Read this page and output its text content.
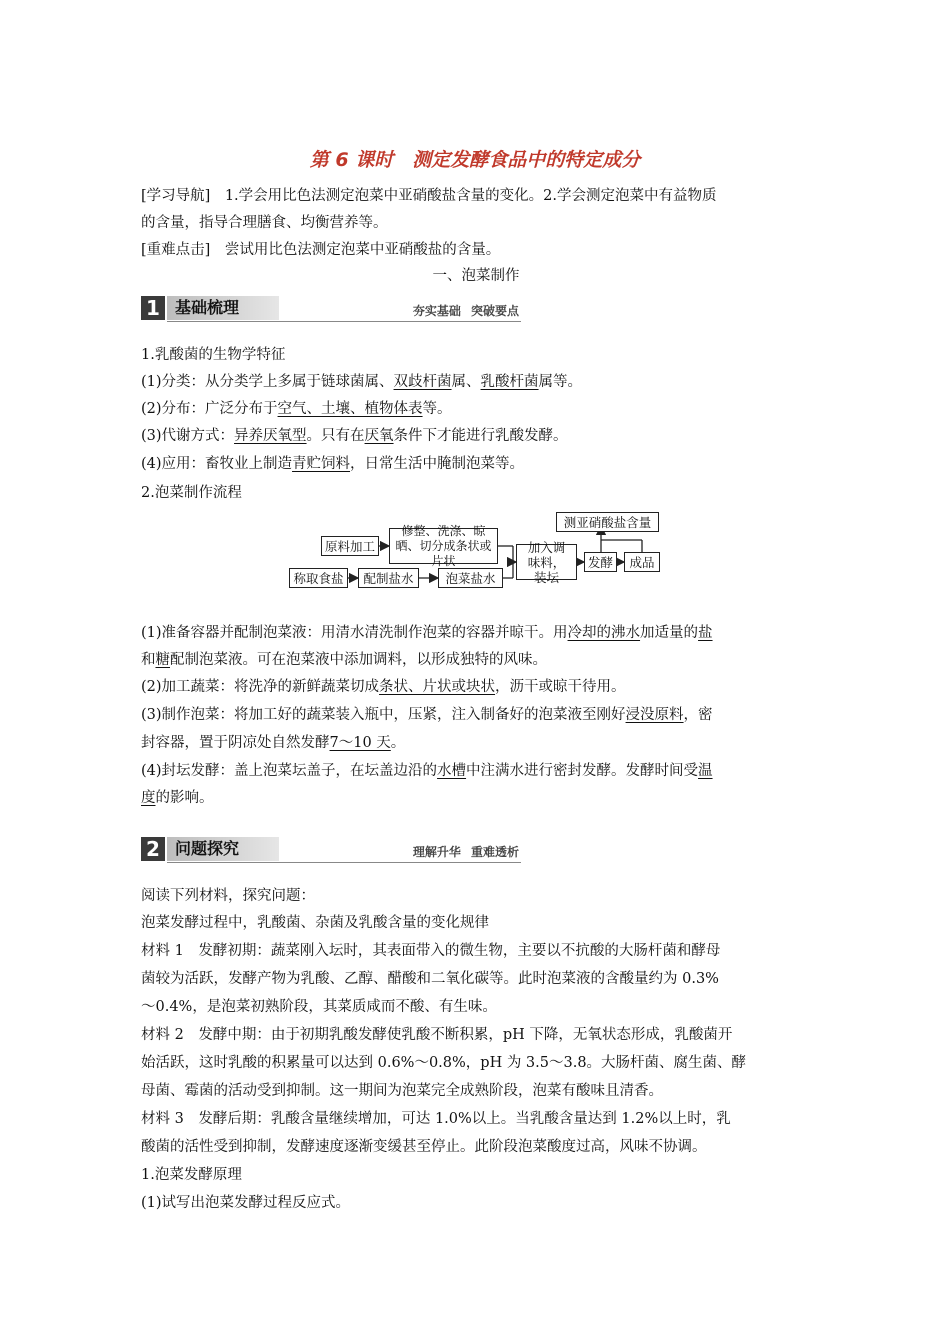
第 6 课时　测定发酵食品中的特定成分
[学习导航]　1.学会用比色法测定泡菜中亚硝酸盐含量的变化。2.学会测定泡菜中有益物质
的含量，指导合理膳食、均衡营养等。
[重难点击]　尝试用比色法测定泡菜中亚硝酸盐的含量。
一、泡菜制作
1 基础梳理	夯实基础 突破要点
1.乳酸菌的生物学特征
(1)分类：从分类学上多属于链球菌属、双歧杆菌属、乳酸杆菌属等。
(2)分布：广泛分布于空气、土壤、植物体表等。
(3)代谢方式：异养厌氧型。只有在厌氧条件下才能进行乳酸发酵。
(4)应用：畜牧业上制造青贮饲料，日常生活中腌制泡菜等。
2.泡菜制作流程
原料加工
修整、洗涤、晾晒、切分成条状或片状
称取食盐	配制盐水	泡菜盐水
加入调味料，装坛
发酵	成品
测亚硝酸盐含量
(1)准备容器并配制泡菜液：用清水清洗制作泡菜的容器并晾干。用冷却的沸水加适量的盐
和糖配制泡菜液。可在泡菜液中添加调料，以形成独特的风味。
(2)加工蔬菜：将洗净的新鲜蔬菜切成条状、片状或块状，沥干或晾干待用。
(3)制作泡菜：将加工好的蔬菜装入瓶中，压紧，注入制备好的泡菜液至刚好浸没原料，密
封容器，置于阴凉处自然发酵7～10 天。
(4)封坛发酵：盖上泡菜坛盖子，在坛盖边沿的水槽中注满水进行密封发酵。发酵时间受温
度的影响。
2 问题探究	理解升华 重难透析
阅读下列材料，探究问题：
泡菜发酵过程中，乳酸菌、杂菌及乳酸含量的变化规律
材料 1　发酵初期：蔬菜刚入坛时，其表面带入的微生物，主要以不抗酸的大肠杆菌和酵母
菌较为活跃，发酵产物为乳酸、乙醇、醋酸和二氧化碳等。此时泡菜液的含酸量约为 0.3%
～0.4%，是泡菜初熟阶段，其菜质咸而不酸、有生味。
材料 2　发酵中期：由于初期乳酸发酵使乳酸不断积累，pH 下降，无氧状态形成，乳酸菌开
始活跃，这时乳酸的积累量可以达到 0.6%～0.8%，pH 为 3.5～3.8。大肠杆菌、腐生菌、酵
母菌、霉菌的活动受到抑制。这一期间为泡菜完全成熟阶段，泡菜有酸味且清香。
材料 3　发酵后期：乳酸含量继续增加，可达 1.0%以上。当乳酸含量达到 1.2%以上时，乳
酸菌的活性受到抑制，发酵速度逐渐变缓甚至停止。此阶段泡菜酸度过高，风味不协调。
1.泡菜发酵原理
(1)试写出泡菜发酵过程反应式。
